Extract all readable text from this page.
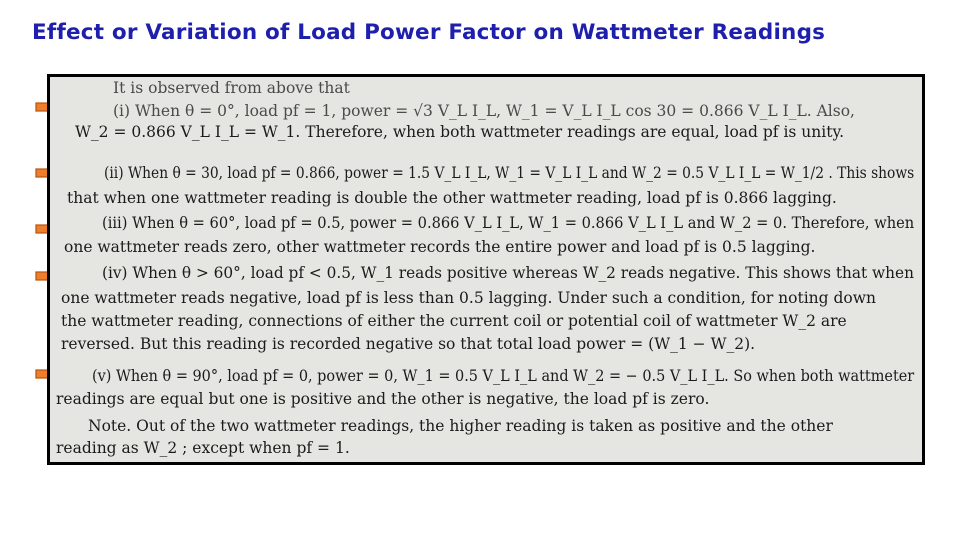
Effect or Variation of Load Power Factor on Wattmeter Readings
It is observed from above that
(i) When θ = 0°, load pf = 1, power = √3 V_L I_L, W_1 = V_L I_L cos 30 = 0.866 V_L I_L. Also,
W_2 = 0.866 V_L I_L = W_1. Therefore, when both wattmeter readings are equal, load pf is unity.
(ii) When θ = 30, load pf = 0.866, power = 1.5 V_L I_L, W_1 = V_L I_L and W_2 = 0.5 V_L I_L = W_1/2 . This shows
that when one wattmeter reading is double the other wattmeter reading, load pf is 0.866 lagging.
(iii) When θ = 60°, load pf = 0.5, power = 0.866 V_L I_L, W_1 = 0.866 V_L I_L and W_2 = 0. Therefore, when
one wattmeter reads zero, other wattmeter records the entire power and load pf is 0.5 lagging.
(iv) When θ > 60°, load pf < 0.5, W_1 reads positive whereas W_2 reads negative. This shows that when
one wattmeter reads negative, load pf is less than 0.5 lagging. Under such a condition, for noting down
the wattmeter reading, connections of either the current coil or potential coil of wattmeter W_2 are
reversed. But this reading is recorded negative so that total load power = (W_1 − W_2).
(v) When θ = 90°, load pf = 0, power = 0, W_1 = 0.5 V_L I_L and W_2 = − 0.5 V_L I_L. So when both wattmeter
readings are equal but one is positive and the other is negative, the load pf is zero.
Note. Out of the two wattmeter readings, the higher reading is taken as positive and the other
reading as W_2 ; except when pf = 1.
